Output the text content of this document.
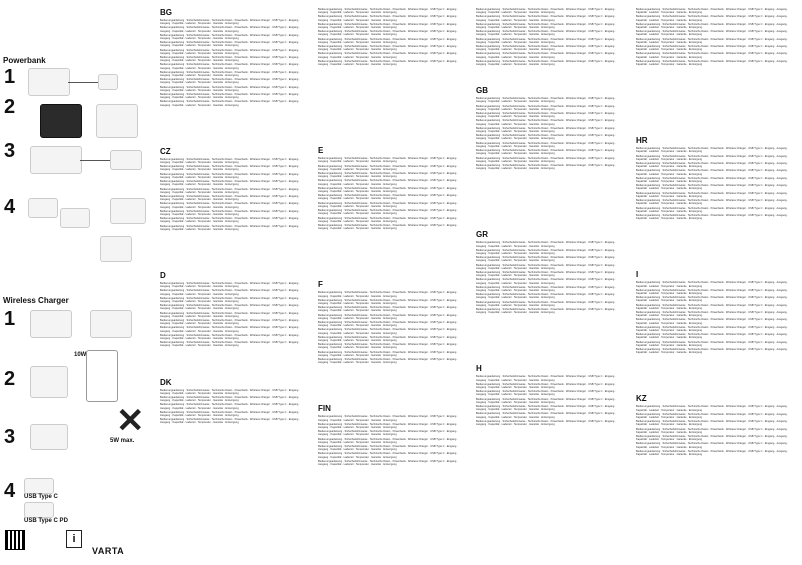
Powerbank
1
2
3
4
Wireless Charger
1
2
10W
3	✕
5W max.
4 USB Type C
USB Type C PD
i
VARTA
BG
Bedienungsanleitung · Sicherheitshinweise · Technische Daten · Powerbank · Wireless Charger · USB Type C · Eingang · Ausgang · Kapazität · Ladezeit · Temperatur · Garantie · Entsorgung
Bedienungsanleitung · Sicherheitshinweise · Technische Daten · Powerbank · Wireless Charger · USB Type C · Eingang · Ausgang · Kapazität · Ladezeit · Temperatur · Garantie · Entsorgung
Bedienungsanleitung · Sicherheitshinweise · Technische Daten · Powerbank · Wireless Charger · USB Type C · Eingang · Ausgang · Kapazität · Ladezeit · Temperatur · Garantie · Entsorgung
Bedienungsanleitung · Sicherheitshinweise · Technische Daten · Powerbank · Wireless Charger · USB Type C · Eingang · Ausgang · Kapazität · Ladezeit · Temperatur · Garantie · Entsorgung
Bedienungsanleitung · Sicherheitshinweise · Technische Daten · Powerbank · Wireless Charger · USB Type C · Eingang · Ausgang · Kapazität · Ladezeit · Temperatur · Garantie · Entsorgung
Bedienungsanleitung · Sicherheitshinweise · Technische Daten · Powerbank · Wireless Charger · USB Type C · Eingang · Ausgang · Kapazität · Ladezeit · Temperatur · Garantie · Entsorgung
Bedienungsanleitung · Sicherheitshinweise · Technische Daten · Powerbank · Wireless Charger · USB Type C · Eingang · Ausgang · Kapazität · Ladezeit · Temperatur · Garantie · Entsorgung
Bedienungsanleitung · Sicherheitshinweise · Technische Daten · Powerbank · Wireless Charger · USB Type C · Eingang · Ausgang · Kapazität · Ladezeit · Temperatur · Garantie · Entsorgung
Bedienungsanleitung · Sicherheitshinweise · Technische Daten · Powerbank · Wireless Charger · USB Type C · Eingang · Ausgang · Kapazität · Ladezeit · Temperatur · Garantie · Entsorgung
Bedienungsanleitung · Sicherheitshinweise · Technische Daten · Powerbank · Wireless Charger · USB Type C · Eingang · Ausgang · Kapazität · Ladezeit · Temperatur · Garantie · Entsorgung
Bedienungsanleitung · Sicherheitshinweise · Technische Daten · Powerbank · Wireless Charger · USB Type C · Eingang · Ausgang · Kapazität · Ladezeit · Temperatur · Garantie · Entsorgung
Bedienungsanleitung · Sicherheitshinweise · Technische Daten · Powerbank · Wireless Charger · USB Type C · Eingang · Ausgang · Kapazität · Ladezeit · Temperatur · Garantie · Entsorgung
CZ
Bedienungsanleitung · Sicherheitshinweise · Technische Daten · Powerbank · Wireless Charger · USB Type C · Eingang · Ausgang · Kapazität · Ladezeit · Temperatur · Garantie · Entsorgung
Bedienungsanleitung · Sicherheitshinweise · Technische Daten · Powerbank · Wireless Charger · USB Type C · Eingang · Ausgang · Kapazität · Ladezeit · Temperatur · Garantie · Entsorgung
Bedienungsanleitung · Sicherheitshinweise · Technische Daten · Powerbank · Wireless Charger · USB Type C · Eingang · Ausgang · Kapazität · Ladezeit · Temperatur · Garantie · Entsorgung
Bedienungsanleitung · Sicherheitshinweise · Technische Daten · Powerbank · Wireless Charger · USB Type C · Eingang · Ausgang · Kapazität · Ladezeit · Temperatur · Garantie · Entsorgung
Bedienungsanleitung · Sicherheitshinweise · Technische Daten · Powerbank · Wireless Charger · USB Type C · Eingang · Ausgang · Kapazität · Ladezeit · Temperatur · Garantie · Entsorgung
Bedienungsanleitung · Sicherheitshinweise · Technische Daten · Powerbank · Wireless Charger · USB Type C · Eingang · Ausgang · Kapazität · Ladezeit · Temperatur · Garantie · Entsorgung
Bedienungsanleitung · Sicherheitshinweise · Technische Daten · Powerbank · Wireless Charger · USB Type C · Eingang · Ausgang · Kapazität · Ladezeit · Temperatur · Garantie · Entsorgung
Bedienungsanleitung · Sicherheitshinweise · Technische Daten · Powerbank · Wireless Charger · USB Type C · Eingang · Ausgang · Kapazität · Ladezeit · Temperatur · Garantie · Entsorgung
Bedienungsanleitung · Sicherheitshinweise · Technische Daten · Powerbank · Wireless Charger · USB Type C · Eingang · Ausgang · Kapazität · Ladezeit · Temperatur · Garantie · Entsorgung
Bedienungsanleitung · Sicherheitshinweise · Technische Daten · Powerbank · Wireless Charger · USB Type C · Eingang · Ausgang · Kapazität · Ladezeit · Temperatur · Garantie · Entsorgung
D
Bedienungsanleitung · Sicherheitshinweise · Technische Daten · Powerbank · Wireless Charger · USB Type C · Eingang · Ausgang · Kapazität · Ladezeit · Temperatur · Garantie · Entsorgung
Bedienungsanleitung · Sicherheitshinweise · Technische Daten · Powerbank · Wireless Charger · USB Type C · Eingang · Ausgang · Kapazität · Ladezeit · Temperatur · Garantie · Entsorgung
Bedienungsanleitung · Sicherheitshinweise · Technische Daten · Powerbank · Wireless Charger · USB Type C · Eingang · Ausgang · Kapazität · Ladezeit · Temperatur · Garantie · Entsorgung
Bedienungsanleitung · Sicherheitshinweise · Technische Daten · Powerbank · Wireless Charger · USB Type C · Eingang · Ausgang · Kapazität · Ladezeit · Temperatur · Garantie · Entsorgung
Bedienungsanleitung · Sicherheitshinweise · Technische Daten · Powerbank · Wireless Charger · USB Type C · Eingang · Ausgang · Kapazität · Ladezeit · Temperatur · Garantie · Entsorgung
Bedienungsanleitung · Sicherheitshinweise · Technische Daten · Powerbank · Wireless Charger · USB Type C · Eingang · Ausgang · Kapazität · Ladezeit · Temperatur · Garantie · Entsorgung
Bedienungsanleitung · Sicherheitshinweise · Technische Daten · Powerbank · Wireless Charger · USB Type C · Eingang · Ausgang · Kapazität · Ladezeit · Temperatur · Garantie · Entsorgung
Bedienungsanleitung · Sicherheitshinweise · Technische Daten · Powerbank · Wireless Charger · USB Type C · Eingang · Ausgang · Kapazität · Ladezeit · Temperatur · Garantie · Entsorgung
Bedienungsanleitung · Sicherheitshinweise · Technische Daten · Powerbank · Wireless Charger · USB Type C · Eingang · Ausgang · Kapazität · Ladezeit · Temperatur · Garantie · Entsorgung
DK
Bedienungsanleitung · Sicherheitshinweise · Technische Daten · Powerbank · Wireless Charger · USB Type C · Eingang · Ausgang · Kapazität · Ladezeit · Temperatur · Garantie · Entsorgung
Bedienungsanleitung · Sicherheitshinweise · Technische Daten · Powerbank · Wireless Charger · USB Type C · Eingang · Ausgang · Kapazität · Ladezeit · Temperatur · Garantie · Entsorgung
Bedienungsanleitung · Sicherheitshinweise · Technische Daten · Powerbank · Wireless Charger · USB Type C · Eingang · Ausgang · Kapazität · Ladezeit · Temperatur · Garantie · Entsorgung
Bedienungsanleitung · Sicherheitshinweise · Technische Daten · Powerbank · Wireless Charger · USB Type C · Eingang · Ausgang · Kapazität · Ladezeit · Temperatur · Garantie · Entsorgung
Bedienungsanleitung · Sicherheitshinweise · Technische Daten · Powerbank · Wireless Charger · USB Type C · Eingang · Ausgang · Kapazität · Ladezeit · Temperatur · Garantie · Entsorgung
Bedienungsanleitung · Sicherheitshinweise · Technische Daten · Powerbank · Wireless Charger · USB Type C · Eingang · Ausgang · Kapazität · Ladezeit · Temperatur · Garantie · Entsorgung
Bedienungsanleitung · Sicherheitshinweise · Technische Daten · Powerbank · Wireless Charger · USB Type C · Eingang · Ausgang · Kapazität · Ladezeit · Temperatur · Garantie · Entsorgung
Bedienungsanleitung · Sicherheitshinweise · Technische Daten · Powerbank · Wireless Charger · USB Type C · Eingang · Ausgang · Kapazität · Ladezeit · Temperatur · Garantie · Entsorgung
Bedienungsanleitung · Sicherheitshinweise · Technische Daten · Powerbank · Wireless Charger · USB Type C · Eingang · Ausgang · Kapazität · Ladezeit · Temperatur · Garantie · Entsorgung
Bedienungsanleitung · Sicherheitshinweise · Technische Daten · Powerbank · Wireless Charger · USB Type C · Eingang · Ausgang · Kapazität · Ladezeit · Temperatur · Garantie · Entsorgung
Bedienungsanleitung · Sicherheitshinweise · Technische Daten · Powerbank · Wireless Charger · USB Type C · Eingang · Ausgang · Kapazität · Ladezeit · Temperatur · Garantie · Entsorgung
Bedienungsanleitung · Sicherheitshinweise · Technische Daten · Powerbank · Wireless Charger · USB Type C · Eingang · Ausgang · Kapazität · Ladezeit · Temperatur · Garantie · Entsorgung
Bedienungsanleitung · Sicherheitshinweise · Technische Daten · Powerbank · Wireless Charger · USB Type C · Eingang · Ausgang · Kapazität · Ladezeit · Temperatur · Garantie · Entsorgung
E
Bedienungsanleitung · Sicherheitshinweise · Technische Daten · Powerbank · Wireless Charger · USB Type C · Eingang · Ausgang · Kapazität · Ladezeit · Temperatur · Garantie · Entsorgung
Bedienungsanleitung · Sicherheitshinweise · Technische Daten · Powerbank · Wireless Charger · USB Type C · Eingang · Ausgang · Kapazität · Ladezeit · Temperatur · Garantie · Entsorgung
Bedienungsanleitung · Sicherheitshinweise · Technische Daten · Powerbank · Wireless Charger · USB Type C · Eingang · Ausgang · Kapazität · Ladezeit · Temperatur · Garantie · Entsorgung
Bedienungsanleitung · Sicherheitshinweise · Technische Daten · Powerbank · Wireless Charger · USB Type C · Eingang · Ausgang · Kapazität · Ladezeit · Temperatur · Garantie · Entsorgung
Bedienungsanleitung · Sicherheitshinweise · Technische Daten · Powerbank · Wireless Charger · USB Type C · Eingang · Ausgang · Kapazität · Ladezeit · Temperatur · Garantie · Entsorgung
Bedienungsanleitung · Sicherheitshinweise · Technische Daten · Powerbank · Wireless Charger · USB Type C · Eingang · Ausgang · Kapazität · Ladezeit · Temperatur · Garantie · Entsorgung
Bedienungsanleitung · Sicherheitshinweise · Technische Daten · Powerbank · Wireless Charger · USB Type C · Eingang · Ausgang · Kapazität · Ladezeit · Temperatur · Garantie · Entsorgung
Bedienungsanleitung · Sicherheitshinweise · Technische Daten · Powerbank · Wireless Charger · USB Type C · Eingang · Ausgang · Kapazität · Ladezeit · Temperatur · Garantie · Entsorgung
Bedienungsanleitung · Sicherheitshinweise · Technische Daten · Powerbank · Wireless Charger · USB Type C · Eingang · Ausgang · Kapazität · Ladezeit · Temperatur · Garantie · Entsorgung
Bedienungsanleitung · Sicherheitshinweise · Technische Daten · Powerbank · Wireless Charger · USB Type C · Eingang · Ausgang · Kapazität · Ladezeit · Temperatur · Garantie · Entsorgung
F
Bedienungsanleitung · Sicherheitshinweise · Technische Daten · Powerbank · Wireless Charger · USB Type C · Eingang · Ausgang · Kapazität · Ladezeit · Temperatur · Garantie · Entsorgung
Bedienungsanleitung · Sicherheitshinweise · Technische Daten · Powerbank · Wireless Charger · USB Type C · Eingang · Ausgang · Kapazität · Ladezeit · Temperatur · Garantie · Entsorgung
Bedienungsanleitung · Sicherheitshinweise · Technische Daten · Powerbank · Wireless Charger · USB Type C · Eingang · Ausgang · Kapazität · Ladezeit · Temperatur · Garantie · Entsorgung
Bedienungsanleitung · Sicherheitshinweise · Technische Daten · Powerbank · Wireless Charger · USB Type C · Eingang · Ausgang · Kapazität · Ladezeit · Temperatur · Garantie · Entsorgung
Bedienungsanleitung · Sicherheitshinweise · Technische Daten · Powerbank · Wireless Charger · USB Type C · Eingang · Ausgang · Kapazität · Ladezeit · Temperatur · Garantie · Entsorgung
Bedienungsanleitung · Sicherheitshinweise · Technische Daten · Powerbank · Wireless Charger · USB Type C · Eingang · Ausgang · Kapazität · Ladezeit · Temperatur · Garantie · Entsorgung
Bedienungsanleitung · Sicherheitshinweise · Technische Daten · Powerbank · Wireless Charger · USB Type C · Eingang · Ausgang · Kapazität · Ladezeit · Temperatur · Garantie · Entsorgung
Bedienungsanleitung · Sicherheitshinweise · Technische Daten · Powerbank · Wireless Charger · USB Type C · Eingang · Ausgang · Kapazität · Ladezeit · Temperatur · Garantie · Entsorgung
Bedienungsanleitung · Sicherheitshinweise · Technische Daten · Powerbank · Wireless Charger · USB Type C · Eingang · Ausgang · Kapazität · Ladezeit · Temperatur · Garantie · Entsorgung
Bedienungsanleitung · Sicherheitshinweise · Technische Daten · Powerbank · Wireless Charger · USB Type C · Eingang · Ausgang · Kapazität · Ladezeit · Temperatur · Garantie · Entsorgung
FIN
Bedienungsanleitung · Sicherheitshinweise · Technische Daten · Powerbank · Wireless Charger · USB Type C · Eingang · Ausgang · Kapazität · Ladezeit · Temperatur · Garantie · Entsorgung
Bedienungsanleitung · Sicherheitshinweise · Technische Daten · Powerbank · Wireless Charger · USB Type C · Eingang · Ausgang · Kapazität · Ladezeit · Temperatur · Garantie · Entsorgung
Bedienungsanleitung · Sicherheitshinweise · Technische Daten · Powerbank · Wireless Charger · USB Type C · Eingang · Ausgang · Kapazität · Ladezeit · Temperatur · Garantie · Entsorgung
Bedienungsanleitung · Sicherheitshinweise · Technische Daten · Powerbank · Wireless Charger · USB Type C · Eingang · Ausgang · Kapazität · Ladezeit · Temperatur · Garantie · Entsorgung
Bedienungsanleitung · Sicherheitshinweise · Technische Daten · Powerbank · Wireless Charger · USB Type C · Eingang · Ausgang · Kapazität · Ladezeit · Temperatur · Garantie · Entsorgung
Bedienungsanleitung · Sicherheitshinweise · Technische Daten · Powerbank · Wireless Charger · USB Type C · Eingang · Ausgang · Kapazität · Ladezeit · Temperatur · Garantie · Entsorgung
Bedienungsanleitung · Sicherheitshinweise · Technische Daten · Powerbank · Wireless Charger · USB Type C · Eingang · Ausgang · Kapazität · Ladezeit · Temperatur · Garantie · Entsorgung
Bedienungsanleitung · Sicherheitshinweise · Technische Daten · Powerbank · Wireless Charger · USB Type C · Eingang · Ausgang · Kapazität · Ladezeit · Temperatur · Garantie · Entsorgung
Bedienungsanleitung · Sicherheitshinweise · Technische Daten · Powerbank · Wireless Charger · USB Type C · Eingang · Ausgang · Kapazität · Ladezeit · Temperatur · Garantie · Entsorgung
Bedienungsanleitung · Sicherheitshinweise · Technische Daten · Powerbank · Wireless Charger · USB Type C · Eingang · Ausgang · Kapazität · Ladezeit · Temperatur · Garantie · Entsorgung
Bedienungsanleitung · Sicherheitshinweise · Technische Daten · Powerbank · Wireless Charger · USB Type C · Eingang · Ausgang · Kapazität · Ladezeit · Temperatur · Garantie · Entsorgung
Bedienungsanleitung · Sicherheitshinweise · Technische Daten · Powerbank · Wireless Charger · USB Type C · Eingang · Ausgang · Kapazität · Ladezeit · Temperatur · Garantie · Entsorgung
Bedienungsanleitung · Sicherheitshinweise · Technische Daten · Powerbank · Wireless Charger · USB Type C · Eingang · Ausgang · Kapazität · Ladezeit · Temperatur · Garantie · Entsorgung
Bedienungsanleitung · Sicherheitshinweise · Technische Daten · Powerbank · Wireless Charger · USB Type C · Eingang · Ausgang · Kapazität · Ladezeit · Temperatur · Garantie · Entsorgung
Bedienungsanleitung · Sicherheitshinweise · Technische Daten · Powerbank · Wireless Charger · USB Type C · Eingang · Ausgang · Kapazität · Ladezeit · Temperatur · Garantie · Entsorgung
GB
Bedienungsanleitung · Sicherheitshinweise · Technische Daten · Powerbank · Wireless Charger · USB Type C · Eingang · Ausgang · Kapazität · Ladezeit · Temperatur · Garantie · Entsorgung
Bedienungsanleitung · Sicherheitshinweise · Technische Daten · Powerbank · Wireless Charger · USB Type C · Eingang · Ausgang · Kapazität · Ladezeit · Temperatur · Garantie · Entsorgung
Bedienungsanleitung · Sicherheitshinweise · Technische Daten · Powerbank · Wireless Charger · USB Type C · Eingang · Ausgang · Kapazität · Ladezeit · Temperatur · Garantie · Entsorgung
Bedienungsanleitung · Sicherheitshinweise · Technische Daten · Powerbank · Wireless Charger · USB Type C · Eingang · Ausgang · Kapazität · Ladezeit · Temperatur · Garantie · Entsorgung
Bedienungsanleitung · Sicherheitshinweise · Technische Daten · Powerbank · Wireless Charger · USB Type C · Eingang · Ausgang · Kapazität · Ladezeit · Temperatur · Garantie · Entsorgung
Bedienungsanleitung · Sicherheitshinweise · Technische Daten · Powerbank · Wireless Charger · USB Type C · Eingang · Ausgang · Kapazität · Ladezeit · Temperatur · Garantie · Entsorgung
Bedienungsanleitung · Sicherheitshinweise · Technische Daten · Powerbank · Wireless Charger · USB Type C · Eingang · Ausgang · Kapazität · Ladezeit · Temperatur · Garantie · Entsorgung
Bedienungsanleitung · Sicherheitshinweise · Technische Daten · Powerbank · Wireless Charger · USB Type C · Eingang · Ausgang · Kapazität · Ladezeit · Temperatur · Garantie · Entsorgung
Bedienungsanleitung · Sicherheitshinweise · Technische Daten · Powerbank · Wireless Charger · USB Type C · Eingang · Ausgang · Kapazität · Ladezeit · Temperatur · Garantie · Entsorgung
Bedienungsanleitung · Sicherheitshinweise · Technische Daten · Powerbank · Wireless Charger · USB Type C · Eingang · Ausgang · Kapazität · Ladezeit · Temperatur · Garantie · Entsorgung
GR
Bedienungsanleitung · Sicherheitshinweise · Technische Daten · Powerbank · Wireless Charger · USB Type C · Eingang · Ausgang · Kapazität · Ladezeit · Temperatur · Garantie · Entsorgung
Bedienungsanleitung · Sicherheitshinweise · Technische Daten · Powerbank · Wireless Charger · USB Type C · Eingang · Ausgang · Kapazität · Ladezeit · Temperatur · Garantie · Entsorgung
Bedienungsanleitung · Sicherheitshinweise · Technische Daten · Powerbank · Wireless Charger · USB Type C · Eingang · Ausgang · Kapazität · Ladezeit · Temperatur · Garantie · Entsorgung
Bedienungsanleitung · Sicherheitshinweise · Technische Daten · Powerbank · Wireless Charger · USB Type C · Eingang · Ausgang · Kapazität · Ladezeit · Temperatur · Garantie · Entsorgung
Bedienungsanleitung · Sicherheitshinweise · Technische Daten · Powerbank · Wireless Charger · USB Type C · Eingang · Ausgang · Kapazität · Ladezeit · Temperatur · Garantie · Entsorgung
Bedienungsanleitung · Sicherheitshinweise · Technische Daten · Powerbank · Wireless Charger · USB Type C · Eingang · Ausgang · Kapazität · Ladezeit · Temperatur · Garantie · Entsorgung
Bedienungsanleitung · Sicherheitshinweise · Technische Daten · Powerbank · Wireless Charger · USB Type C · Eingang · Ausgang · Kapazität · Ladezeit · Temperatur · Garantie · Entsorgung
Bedienungsanleitung · Sicherheitshinweise · Technische Daten · Powerbank · Wireless Charger · USB Type C · Eingang · Ausgang · Kapazität · Ladezeit · Temperatur · Garantie · Entsorgung
Bedienungsanleitung · Sicherheitshinweise · Technische Daten · Powerbank · Wireless Charger · USB Type C · Eingang · Ausgang · Kapazität · Ladezeit · Temperatur · Garantie · Entsorgung
Bedienungsanleitung · Sicherheitshinweise · Technische Daten · Powerbank · Wireless Charger · USB Type C · Eingang · Ausgang · Kapazität · Ladezeit · Temperatur · Garantie · Entsorgung
H
Bedienungsanleitung · Sicherheitshinweise · Technische Daten · Powerbank · Wireless Charger · USB Type C · Eingang · Ausgang · Kapazität · Ladezeit · Temperatur · Garantie · Entsorgung
Bedienungsanleitung · Sicherheitshinweise · Technische Daten · Powerbank · Wireless Charger · USB Type C · Eingang · Ausgang · Kapazität · Ladezeit · Temperatur · Garantie · Entsorgung
Bedienungsanleitung · Sicherheitshinweise · Technische Daten · Powerbank · Wireless Charger · USB Type C · Eingang · Ausgang · Kapazität · Ladezeit · Temperatur · Garantie · Entsorgung
Bedienungsanleitung · Sicherheitshinweise · Technische Daten · Powerbank · Wireless Charger · USB Type C · Eingang · Ausgang · Kapazität · Ladezeit · Temperatur · Garantie · Entsorgung
Bedienungsanleitung · Sicherheitshinweise · Technische Daten · Powerbank · Wireless Charger · USB Type C · Eingang · Ausgang · Kapazität · Ladezeit · Temperatur · Garantie · Entsorgung
Bedienungsanleitung · Sicherheitshinweise · Technische Daten · Powerbank · Wireless Charger · USB Type C · Eingang · Ausgang · Kapazität · Ladezeit · Temperatur · Garantie · Entsorgung
Bedienungsanleitung · Sicherheitshinweise · Technische Daten · Powerbank · Wireless Charger · USB Type C · Eingang · Ausgang · Kapazität · Ladezeit · Temperatur · Garantie · Entsorgung
Bedienungsanleitung · Sicherheitshinweise · Technische Daten · Powerbank · Wireless Charger · USB Type C · Eingang · Ausgang · Kapazität · Ladezeit · Temperatur · Garantie · Entsorgung
Bedienungsanleitung · Sicherheitshinweise · Technische Daten · Powerbank · Wireless Charger · USB Type C · Eingang · Ausgang · Kapazität · Ladezeit · Temperatur · Garantie · Entsorgung
Bedienungsanleitung · Sicherheitshinweise · Technische Daten · Powerbank · Wireless Charger · USB Type C · Eingang · Ausgang · Kapazität · Ladezeit · Temperatur · Garantie · Entsorgung
Bedienungsanleitung · Sicherheitshinweise · Technische Daten · Powerbank · Wireless Charger · USB Type C · Eingang · Ausgang · Kapazität · Ladezeit · Temperatur · Garantie · Entsorgung
Bedienungsanleitung · Sicherheitshinweise · Technische Daten · Powerbank · Wireless Charger · USB Type C · Eingang · Ausgang · Kapazität · Ladezeit · Temperatur · Garantie · Entsorgung
Bedienungsanleitung · Sicherheitshinweise · Technische Daten · Powerbank · Wireless Charger · USB Type C · Eingang · Ausgang · Kapazität · Ladezeit · Temperatur · Garantie · Entsorgung
Bedienungsanleitung · Sicherheitshinweise · Technische Daten · Powerbank · Wireless Charger · USB Type C · Eingang · Ausgang · Kapazität · Ladezeit · Temperatur · Garantie · Entsorgung
Bedienungsanleitung · Sicherheitshinweise · Technische Daten · Powerbank · Wireless Charger · USB Type C · Eingang · Ausgang · Kapazität · Ladezeit · Temperatur · Garantie · Entsorgung
HR
Bedienungsanleitung · Sicherheitshinweise · Technische Daten · Powerbank · Wireless Charger · USB Type C · Eingang · Ausgang · Kapazität · Ladezeit · Temperatur · Garantie · Entsorgung
Bedienungsanleitung · Sicherheitshinweise · Technische Daten · Powerbank · Wireless Charger · USB Type C · Eingang · Ausgang · Kapazität · Ladezeit · Temperatur · Garantie · Entsorgung
Bedienungsanleitung · Sicherheitshinweise · Technische Daten · Powerbank · Wireless Charger · USB Type C · Eingang · Ausgang · Kapazität · Ladezeit · Temperatur · Garantie · Entsorgung
Bedienungsanleitung · Sicherheitshinweise · Technische Daten · Powerbank · Wireless Charger · USB Type C · Eingang · Ausgang · Kapazität · Ladezeit · Temperatur · Garantie · Entsorgung
Bedienungsanleitung · Sicherheitshinweise · Technische Daten · Powerbank · Wireless Charger · USB Type C · Eingang · Ausgang · Kapazität · Ladezeit · Temperatur · Garantie · Entsorgung
Bedienungsanleitung · Sicherheitshinweise · Technische Daten · Powerbank · Wireless Charger · USB Type C · Eingang · Ausgang · Kapazität · Ladezeit · Temperatur · Garantie · Entsorgung
Bedienungsanleitung · Sicherheitshinweise · Technische Daten · Powerbank · Wireless Charger · USB Type C · Eingang · Ausgang · Kapazität · Ladezeit · Temperatur · Garantie · Entsorgung
Bedienungsanleitung · Sicherheitshinweise · Technische Daten · Powerbank · Wireless Charger · USB Type C · Eingang · Ausgang · Kapazität · Ladezeit · Temperatur · Garantie · Entsorgung
Bedienungsanleitung · Sicherheitshinweise · Technische Daten · Powerbank · Wireless Charger · USB Type C · Eingang · Ausgang · Kapazität · Ladezeit · Temperatur · Garantie · Entsorgung
Bedienungsanleitung · Sicherheitshinweise · Technische Daten · Powerbank · Wireless Charger · USB Type C · Eingang · Ausgang · Kapazität · Ladezeit · Temperatur · Garantie · Entsorgung
I
Bedienungsanleitung · Sicherheitshinweise · Technische Daten · Powerbank · Wireless Charger · USB Type C · Eingang · Ausgang · Kapazität · Ladezeit · Temperatur · Garantie · Entsorgung
Bedienungsanleitung · Sicherheitshinweise · Technische Daten · Powerbank · Wireless Charger · USB Type C · Eingang · Ausgang · Kapazität · Ladezeit · Temperatur · Garantie · Entsorgung
Bedienungsanleitung · Sicherheitshinweise · Technische Daten · Powerbank · Wireless Charger · USB Type C · Eingang · Ausgang · Kapazität · Ladezeit · Temperatur · Garantie · Entsorgung
Bedienungsanleitung · Sicherheitshinweise · Technische Daten · Powerbank · Wireless Charger · USB Type C · Eingang · Ausgang · Kapazität · Ladezeit · Temperatur · Garantie · Entsorgung
Bedienungsanleitung · Sicherheitshinweise · Technische Daten · Powerbank · Wireless Charger · USB Type C · Eingang · Ausgang · Kapazität · Ladezeit · Temperatur · Garantie · Entsorgung
Bedienungsanleitung · Sicherheitshinweise · Technische Daten · Powerbank · Wireless Charger · USB Type C · Eingang · Ausgang · Kapazität · Ladezeit · Temperatur · Garantie · Entsorgung
Bedienungsanleitung · Sicherheitshinweise · Technische Daten · Powerbank · Wireless Charger · USB Type C · Eingang · Ausgang · Kapazität · Ladezeit · Temperatur · Garantie · Entsorgung
Bedienungsanleitung · Sicherheitshinweise · Technische Daten · Powerbank · Wireless Charger · USB Type C · Eingang · Ausgang · Kapazität · Ladezeit · Temperatur · Garantie · Entsorgung
Bedienungsanleitung · Sicherheitshinweise · Technische Daten · Powerbank · Wireless Charger · USB Type C · Eingang · Ausgang · Kapazität · Ladezeit · Temperatur · Garantie · Entsorgung
Bedienungsanleitung · Sicherheitshinweise · Technische Daten · Powerbank · Wireless Charger · USB Type C · Eingang · Ausgang · Kapazität · Ladezeit · Temperatur · Garantie · Entsorgung
KZ
Bedienungsanleitung · Sicherheitshinweise · Technische Daten · Powerbank · Wireless Charger · USB Type C · Eingang · Ausgang · Kapazität · Ladezeit · Temperatur · Garantie · Entsorgung
Bedienungsanleitung · Sicherheitshinweise · Technische Daten · Powerbank · Wireless Charger · USB Type C · Eingang · Ausgang · Kapazität · Ladezeit · Temperatur · Garantie · Entsorgung
Bedienungsanleitung · Sicherheitshinweise · Technische Daten · Powerbank · Wireless Charger · USB Type C · Eingang · Ausgang · Kapazität · Ladezeit · Temperatur · Garantie · Entsorgung
Bedienungsanleitung · Sicherheitshinweise · Technische Daten · Powerbank · Wireless Charger · USB Type C · Eingang · Ausgang · Kapazität · Ladezeit · Temperatur · Garantie · Entsorgung
Bedienungsanleitung · Sicherheitshinweise · Technische Daten · Powerbank · Wireless Charger · USB Type C · Eingang · Ausgang · Kapazität · Ladezeit · Temperatur · Garantie · Entsorgung
Bedienungsanleitung · Sicherheitshinweise · Technische Daten · Powerbank · Wireless Charger · USB Type C · Eingang · Ausgang · Kapazität · Ladezeit · Temperatur · Garantie · Entsorgung
Bedienungsanleitung · Sicherheitshinweise · Technische Daten · Powerbank · Wireless Charger · USB Type C · Eingang · Ausgang · Kapazität · Ladezeit · Temperatur · Garantie · Entsorgung
